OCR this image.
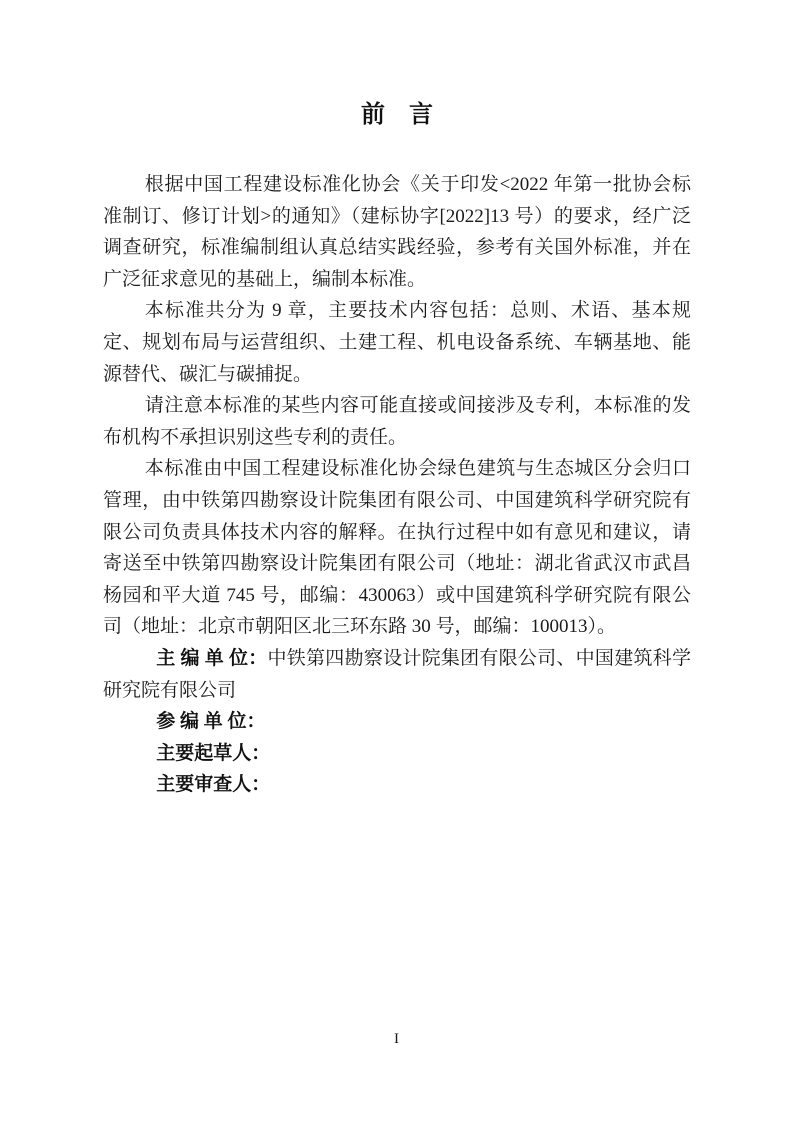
前　言

根据中国工程建设标准化协会《关于印发<2022 年第一批协会标准制订、修订计划>的通知》（建标协字[2022]13 号）的要求，经广泛调查研究，标准编制组认真总结实践经验，参考有关国外标准，并在广泛征求意见的基础上，编制本标准。

本标准共分为 9 章，主要技术内容包括：总则、术语、基本规定、规划布局与运营组织、土建工程、机电设备系统、车辆基地、能源替代、碳汇与碳捕捉。

请注意本标准的某些内容可能直接或间接涉及专利，本标准的发布机构不承担识别这些专利的责任。

本标准由中国工程建设标准化协会绿色建筑与生态城区分会归口管理，由中铁第四勘察设计院集团有限公司、中国建筑科学研究院有限公司负责具体技术内容的解释。在执行过程中如有意见和建议，请寄送至中铁第四勘察设计院集团有限公司（地址：湖北省武汉市武昌杨园和平大道 745 号，邮编：430063）或中国建筑科学研究院有限公司（地址：北京市朝阳区北三环东路 30 号，邮编：100013）。

主 编 单 位：中铁第四勘察设计院集团有限公司、中国建筑科学研究院有限公司

参 编 单 位：

主要起草人：

主要审查人：

I
